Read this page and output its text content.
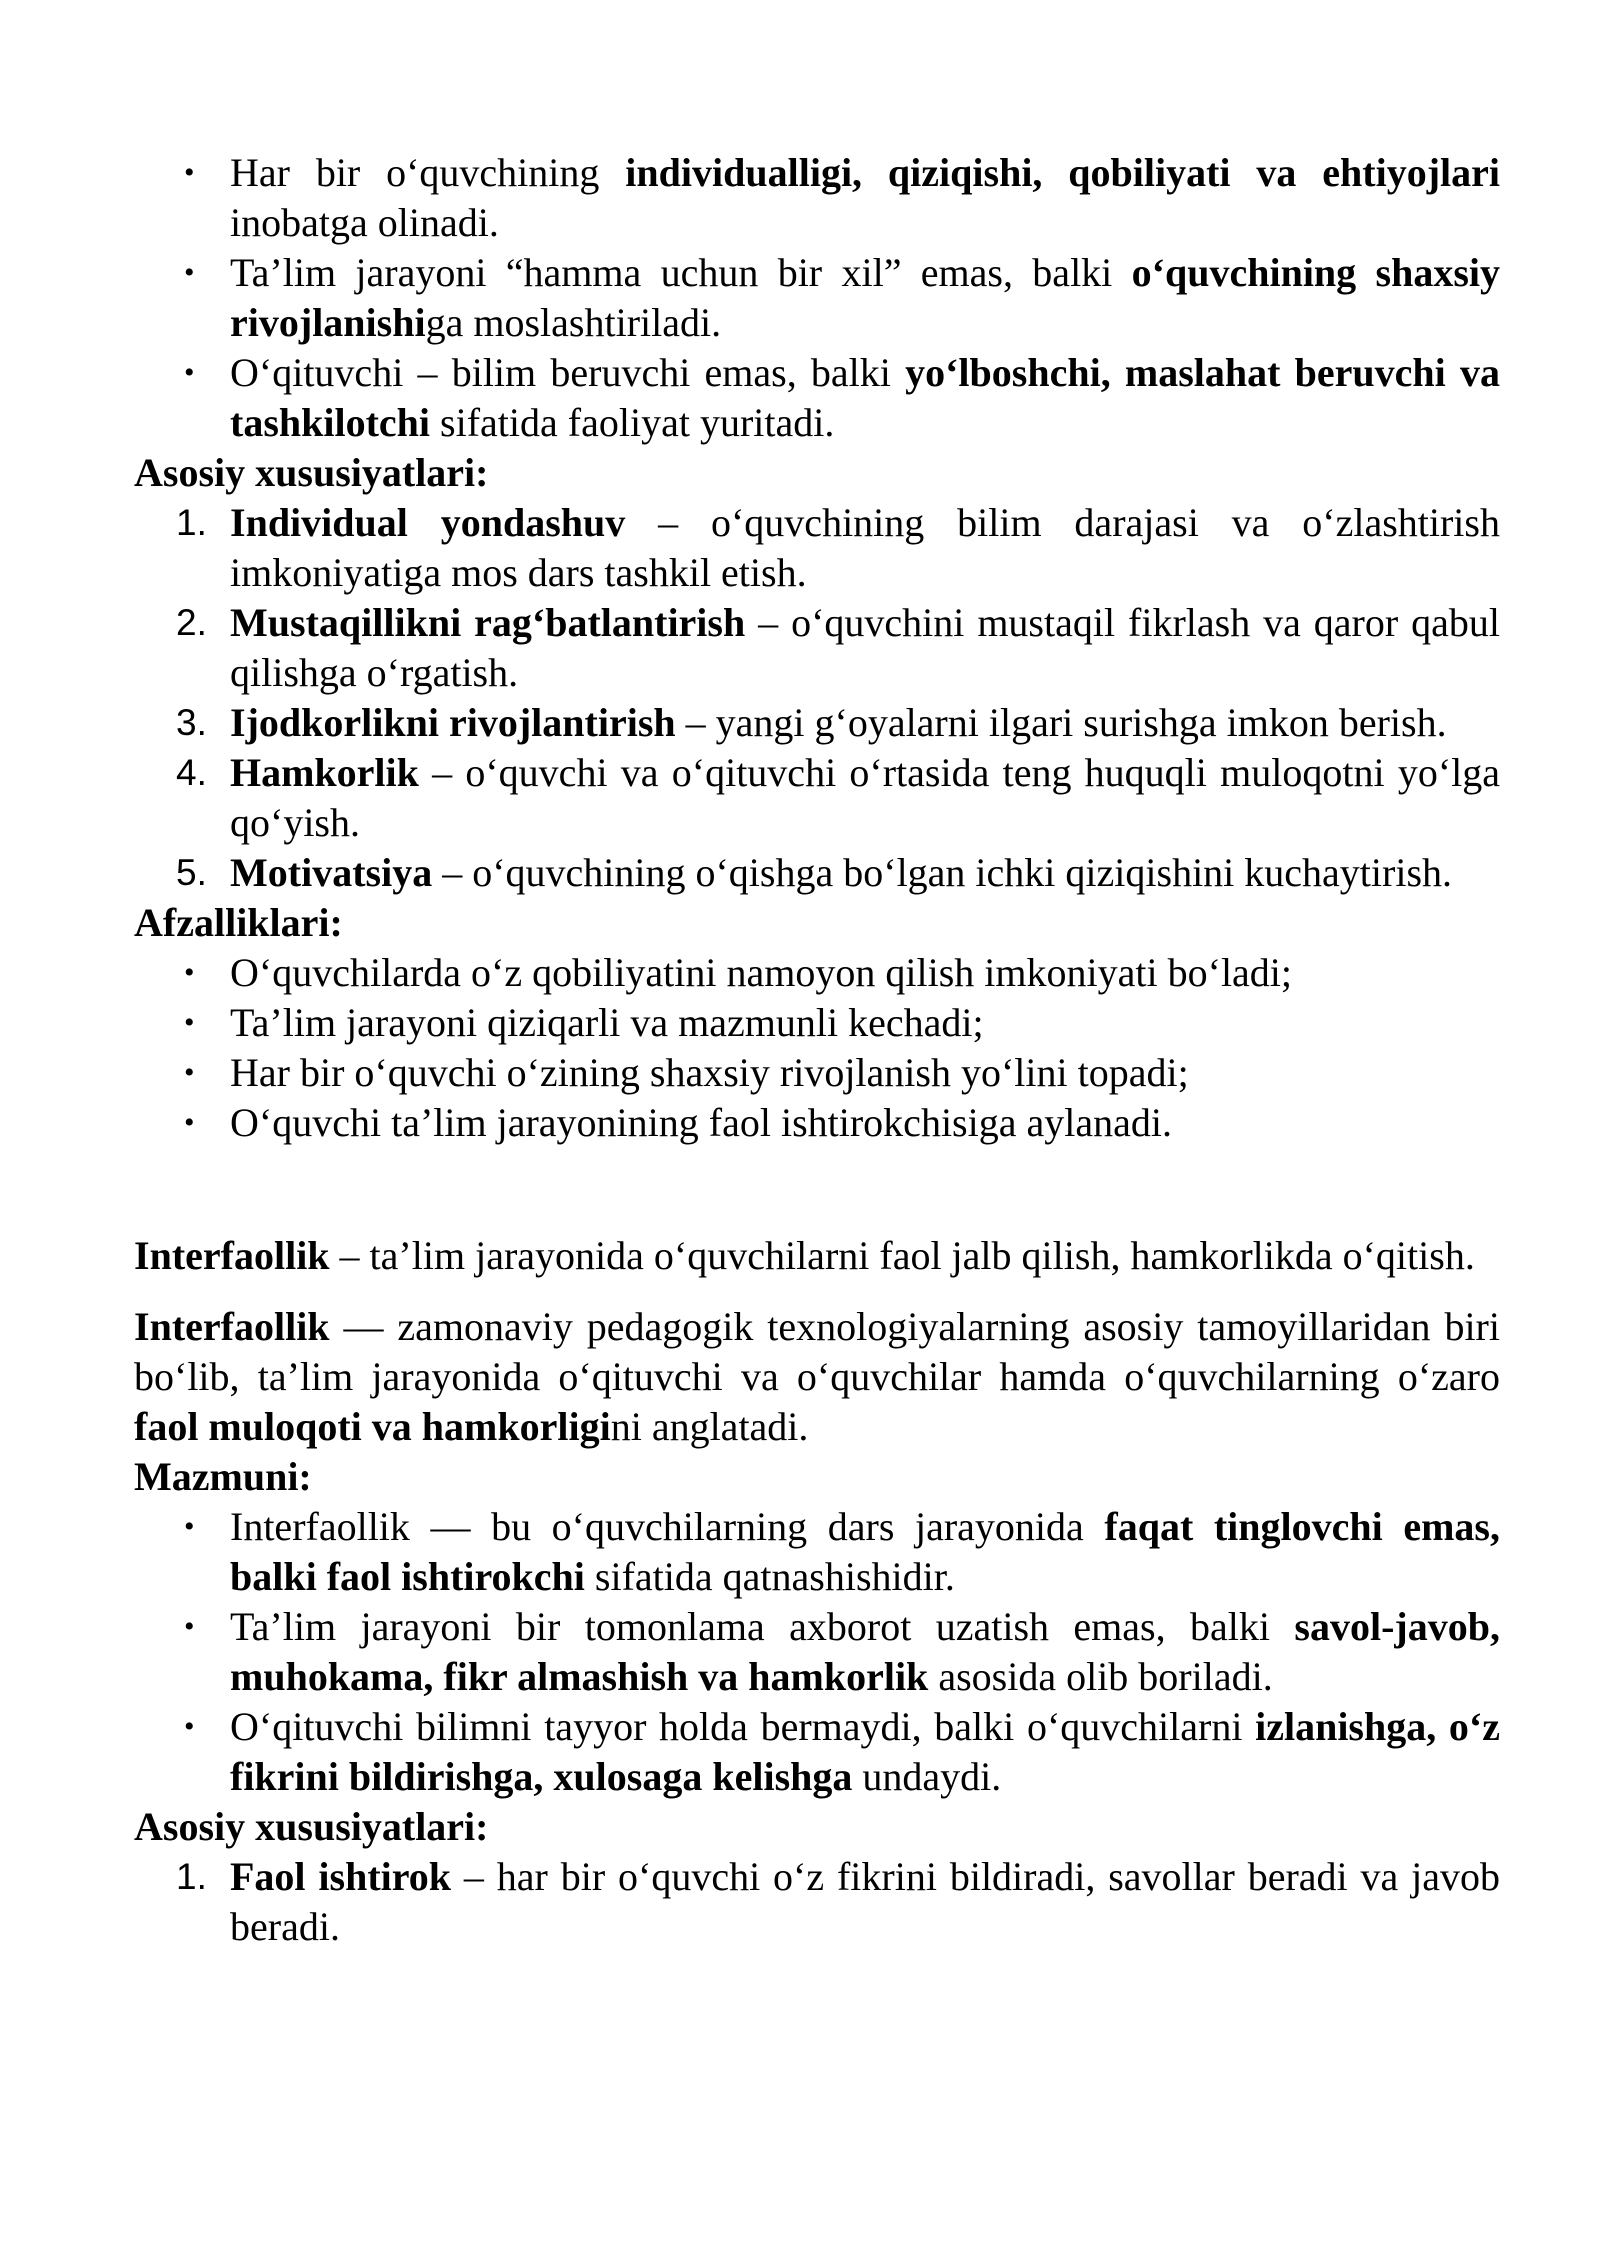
• Har bir o‘quvchining individualligi, qiziqishi, qobiliyati va ehtiyojlari inobatga olinadi.
• Ta’lim jarayoni “hamma uchun bir xil” emas, balki o‘quvchining shaxsiy rivojlanishiga moslashtiriladi.
• O‘qituvchi – bilim beruvchi emas, balki yo‘lboshchi, maslahat beruvchi va tashkilotchi sifatida faoliyat yuritadi.
Asosiy xususiyatlari:
1. Individual yondashuv – o‘quvchining bilim darajasi va o‘zlashtirish imkoniyatiga mos dars tashkil etish.
2. Mustaqillikni rag‘batlantirish – o‘quvchini mustaqil fikrlash va qaror qabul qilishga o‘rgatish.
3. Ijodkorlikni rivojlantirish – yangi g‘oyalarni ilgari surishga imkon berish.
4. Hamkorlik – o‘quvchi va o‘qituvchi o‘rtasida teng huquqli muloqotni yo‘lga qo‘yish.
5. Motivatsiya – o‘quvchining o‘qishga bo‘lgan ichki qiziqishini kuchaytirish.
Afzalliklari:
• O‘quvchilarda o‘z qobiliyatini namoyon qilish imkoniyati bo‘ladi;
• Ta’lim jarayoni qiziqarli va mazmunli kechadi;
• Har bir o‘quvchi o‘zining shaxsiy rivojlanish yo‘lini topadi;
• O‘quvchi ta’lim jarayonining faol ishtirokchisiga aylanadi.

Interfaollik – ta’lim jarayonida o‘quvchilarni faol jalb qilish, hamkorlikda o‘qitish.

Interfaollik — zamonaviy pedagogik texnologiyalarning asosiy tamoyillaridan biri bo‘lib, ta’lim jarayonida o‘qituvchi va o‘quvchilar hamda o‘quvchilarning o‘zaro faol muloqoti va hamkorligini anglatadi.

Mazmuni:
• Interfaollik — bu o‘quvchilarning dars jarayonida faqat tinglovchi emas, balki faol ishtirokchi sifatida qatnashishidir.
• Ta’lim jarayoni bir tomonlama axborot uzatish emas, balki savol-javob, muhokama, fikr almashish va hamkorlik asosida olib boriladi.
• O‘qituvchi bilimni tayyor holda bermaydi, balki o‘quvchilarni izlanishga, o‘z fikrini bildirishga, xulosaga kelishga undaydi.
Asosiy xususiyatlari:
1. Faol ishtirok – har bir o‘quvchi o‘z fikrini bildiradi, savollar beradi va javob beradi.
